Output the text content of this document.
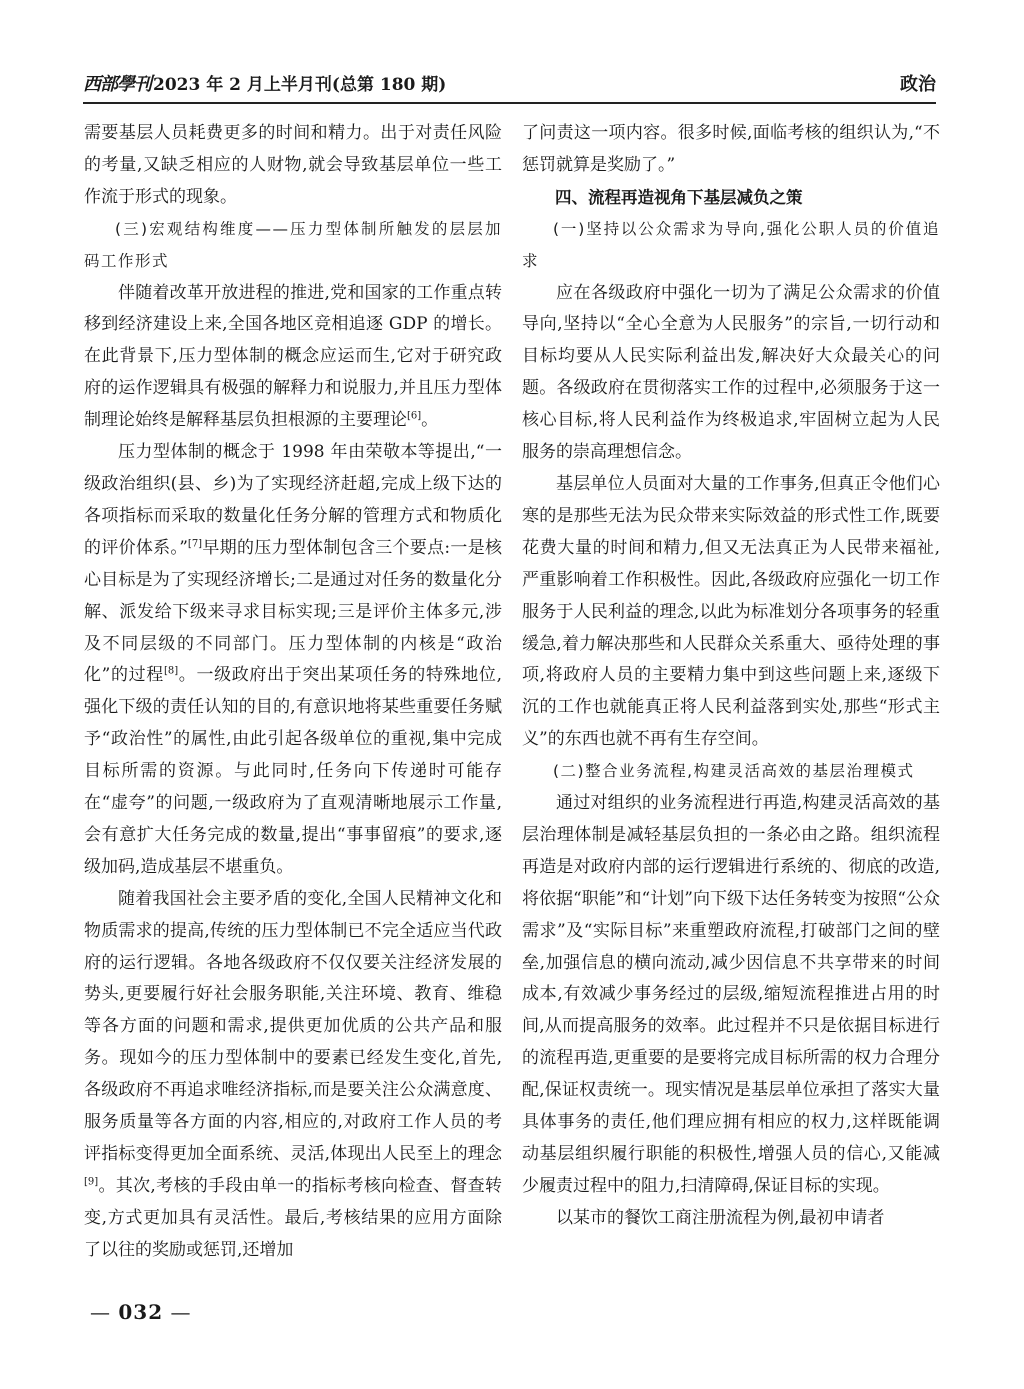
西部學刊 2023 年 2 月上半月刊(总第 180 期)	政治

需要基层人员耗费更多的时间和精力。出于对责任风险的考量,又缺乏相应的人财物,就会导致基层单位一些工作流于形式的现象。

(三)宏观结构维度——压力型体制所触发的层层加码工作形式

伴随着改革开放进程的推进,党和国家的工作重点转移到经济建设上来,全国各地区竞相追逐 GDP 的增长。在此背景下,压力型体制的概念应运而生,它对于研究政府的运作逻辑具有极强的解释力和说服力,并且压力型体制理论始终是解释基层负担根源的主要理论[6]。

压力型体制的概念于 1998 年由荣敬本等提出,“一级政治组织(县、乡)为了实现经济赶超,完成上级下达的各项指标而采取的数量化任务分解的管理方式和物质化的评价体系。”[7]早期的压力型体制包含三个要点:一是核心目标是为了实现经济增长;二是通过对任务的数量化分解、派发给下级来寻求目标实现;三是评价主体多元,涉及不同层级的不同部门。压力型体制的内核是“政治化”的过程[8]。一级政府出于突出某项任务的特殊地位,强化下级的责任认知的目的,有意识地将某些重要任务赋予“政治性”的属性,由此引起各级单位的重视,集中完成目标所需的资源。与此同时,任务向下传递时可能存在“虚夸”的问题,一级政府为了直观清晰地展示工作量,会有意扩大任务完成的数量,提出“事事留痕”的要求,逐级加码,造成基层不堪重负。

随着我国社会主要矛盾的变化,全国人民精神文化和物质需求的提高,传统的压力型体制已不完全适应当代政府的运行逻辑。各地各级政府不仅仅要关注经济发展的势头,更要履行好社会服务职能,关注环境、教育、维稳等各方面的问题和需求,提供更加优质的公共产品和服务。现如今的压力型体制中的要素已经发生变化,首先,各级政府不再追求唯经济指标,而是要关注公众满意度、服务质量等各方面的内容,相应的,对政府工作人员的考评指标变得更加全面系统、灵活,体现出人民至上的理念[9]。其次,考核的手段由单一的指标考核向检查、督查转变,方式更加具有灵活性。最后,考核结果的应用方面除了以往的奖励或惩罚,还增加

了问责这一项内容。很多时候,面临考核的组织认为,“不惩罚就算是奖励了。”

四、流程再造视角下基层减负之策

(一)坚持以公众需求为导向,强化公职人员的价值追求

应在各级政府中强化一切为了满足公众需求的价值导向,坚持以“全心全意为人民服务”的宗旨,一切行动和目标均要从人民实际利益出发,解决好大众最关心的问题。各级政府在贯彻落实工作的过程中,必须服务于这一核心目标,将人民利益作为终极追求,牢固树立起为人民服务的崇高理想信念。

基层单位人员面对大量的工作事务,但真正令他们心寒的是那些无法为民众带来实际效益的形式性工作,既要花费大量的时间和精力,但又无法真正为人民带来福祉,严重影响着工作积极性。因此,各级政府应强化一切工作服务于人民利益的理念,以此为标准划分各项事务的轻重缓急,着力解决那些和人民群众关系重大、亟待处理的事项,将政府人员的主要精力集中到这些问题上来,逐级下沉的工作也就能真正将人民利益落到实处,那些“形式主义”的东西也就不再有生存空间。

(二)整合业务流程,构建灵活高效的基层治理模式

通过对组织的业务流程进行再造,构建灵活高效的基层治理体制是减轻基层负担的一条必由之路。组织流程再造是对政府内部的运行逻辑进行系统的、彻底的改造,将依据“职能”和“计划”向下级下达任务转变为按照“公众需求”及“实际目标”来重塑政府流程,打破部门之间的壁垒,加强信息的横向流动,减少因信息不共享带来的时间成本,有效减少事务经过的层级,缩短流程推进占用的时间,从而提高服务的效率。此过程并不只是依据目标进行的流程再造,更重要的是要将完成目标所需的权力合理分配,保证权责统一。现实情况是基层单位承担了落实大量具体事务的责任,他们理应拥有相应的权力,这样既能调动基层组织履行职能的积极性,增强人员的信心,又能减少履责过程中的阻力,扫清障碍,保证目标的实现。

以某市的餐饮工商注册流程为例,最初申请者

— 032 —
